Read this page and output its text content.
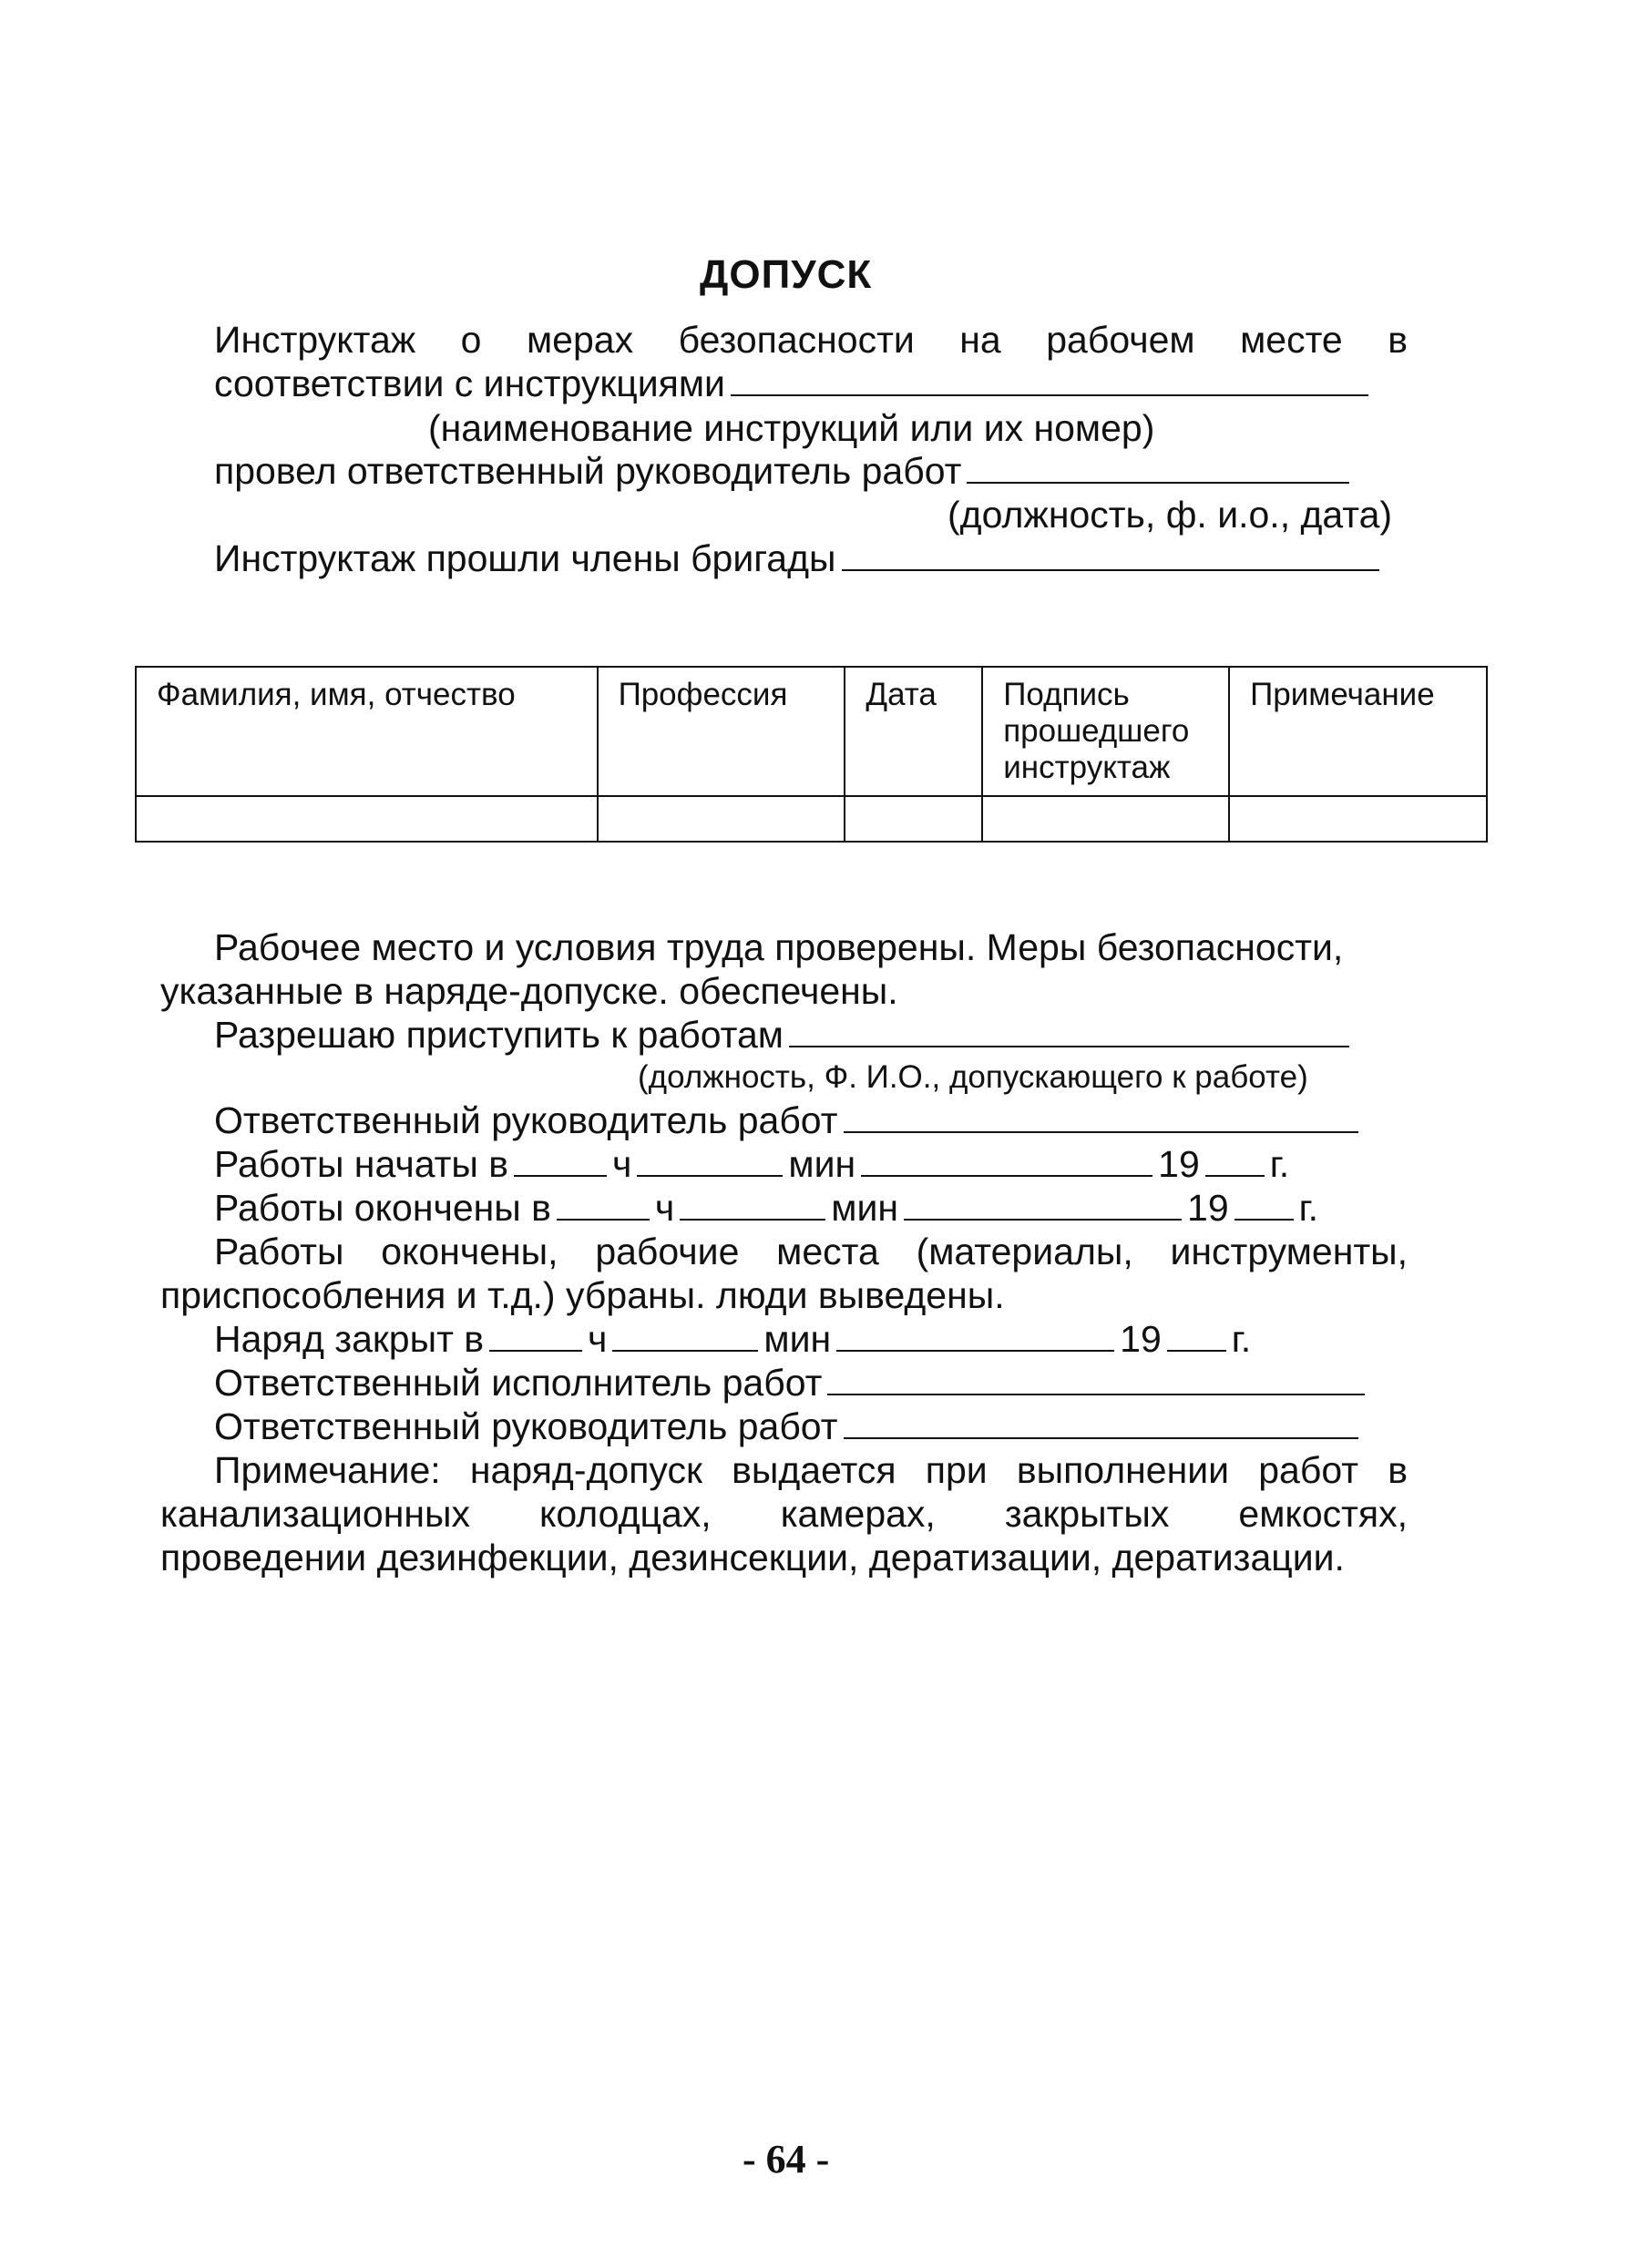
ДОПУСК
Инструктаж о мерах безопасности на рабочем месте в
соответствии с инструкциями
(наименование инструкций или их номер)
провел ответственный руководитель работ
(должность, ф. и.о., дата)
Инструктаж прошли члены бригады
Фамилия, имя, отчество	Профессия	Дата	Подпись прошедшего инструктаж	Примечание

Рабочее место и условия труда проверены. Меры безопасности,
указанные в наряде-допуске. обеспечены.
Разрешаю приступить к работам
(должность, Ф. И.О., допускающего к работе)
Ответственный руководитель работ
Работы начаты в	ч	мин	19 г.
Работы окончены в	ч	мин	19 г.
Работы окончены, рабочие места (материалы, инструменты,
приспособления и т.д.) убраны. люди выведены.
Наряд закрыт в	ч	мин	19 г.
Ответственный исполнитель работ
Ответственный руководитель работ
Примечание: наряд-допуск выдается при выполнении работ в
канализационных колодцах, камерах, закрытых емкостях,
проведении дезинфекции, дезинсекции, дератизации, дератизации.
- 64 -
